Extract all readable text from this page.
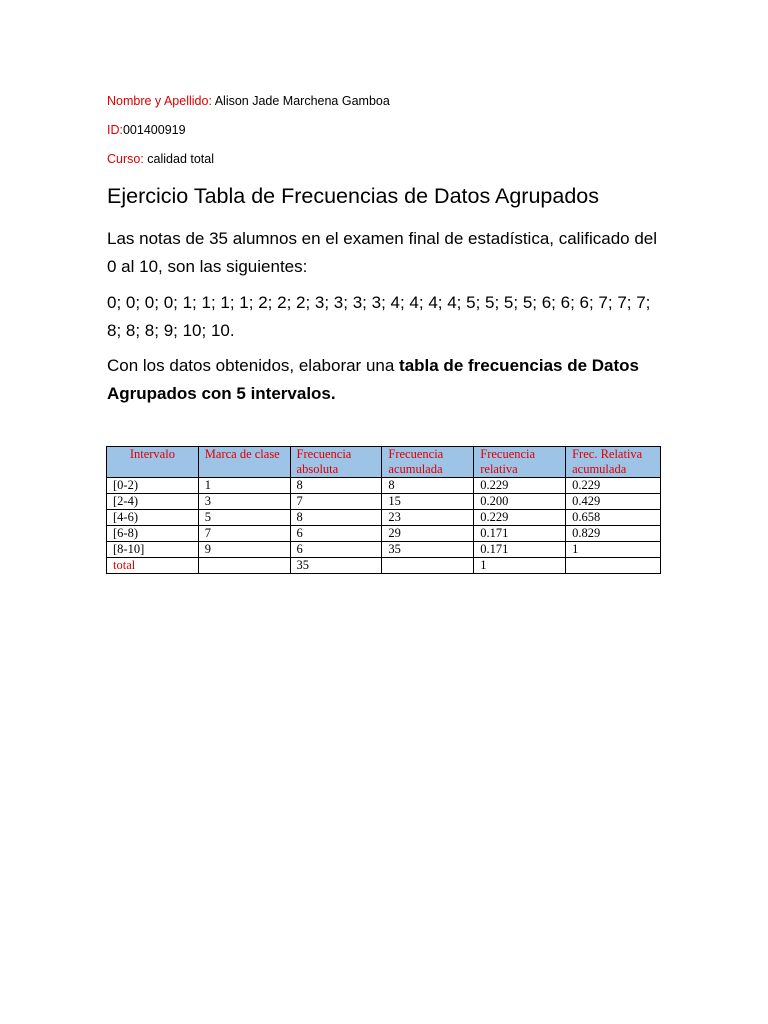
Nombre y Apellido: Alison Jade Marchena Gamboa
ID:001400919
Curso: calidad total
Ejercicio Tabla de Frecuencias de Datos Agrupados
Las notas de 35 alumnos en el examen final de estadística, calificado del 0 al 10, son las siguientes:
0; 0; 0; 0; 1; 1; 1; 1; 2; 2; 2; 3; 3; 3; 3; 4; 4; 4; 4; 5; 5; 5; 5; 6; 6; 6; 7; 7; 7; 8; 8; 8; 9; 10; 10.
Con los datos obtenidos, elaborar una tabla de frecuencias de Datos Agrupados con 5 intervalos.
Intervalo	Marca de clase	Frecuencia absoluta	Frecuencia acumulada	Frecuencia relativa	Frec. Relativa acumulada
[0-2)	1	8	8	0.229	0.229
[2-4)	3	7	15	0.200	0.429
[4-6)	5	8	23	0.229	0.658
[6-8)	7	6	29	0.171	0.829
[8-10]	9	6	35	0.171	1
total		35		1	
